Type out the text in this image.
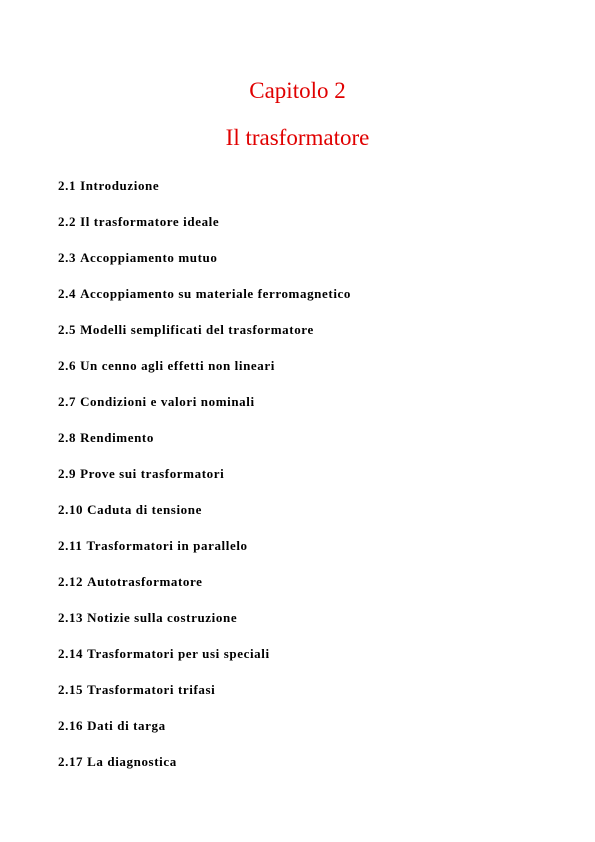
Capitolo 2
Il trasformatore
2.1 Introduzione
2.2 Il trasformatore ideale
2.3 Accoppiamento mutuo
2.4 Accoppiamento su materiale ferromagnetico
2.5 Modelli semplificati del trasformatore
2.6 Un cenno agli effetti non lineari
2.7 Condizioni e valori nominali
2.8 Rendimento
2.9 Prove sui trasformatori
2.10 Caduta di tensione
2.11 Trasformatori in parallelo
2.12 Autotrasformatore
2.13 Notizie sulla costruzione
2.14 Trasformatori per usi speciali
2.15 Trasformatori trifasi
2.16 Dati di targa
2.17 La diagnostica
